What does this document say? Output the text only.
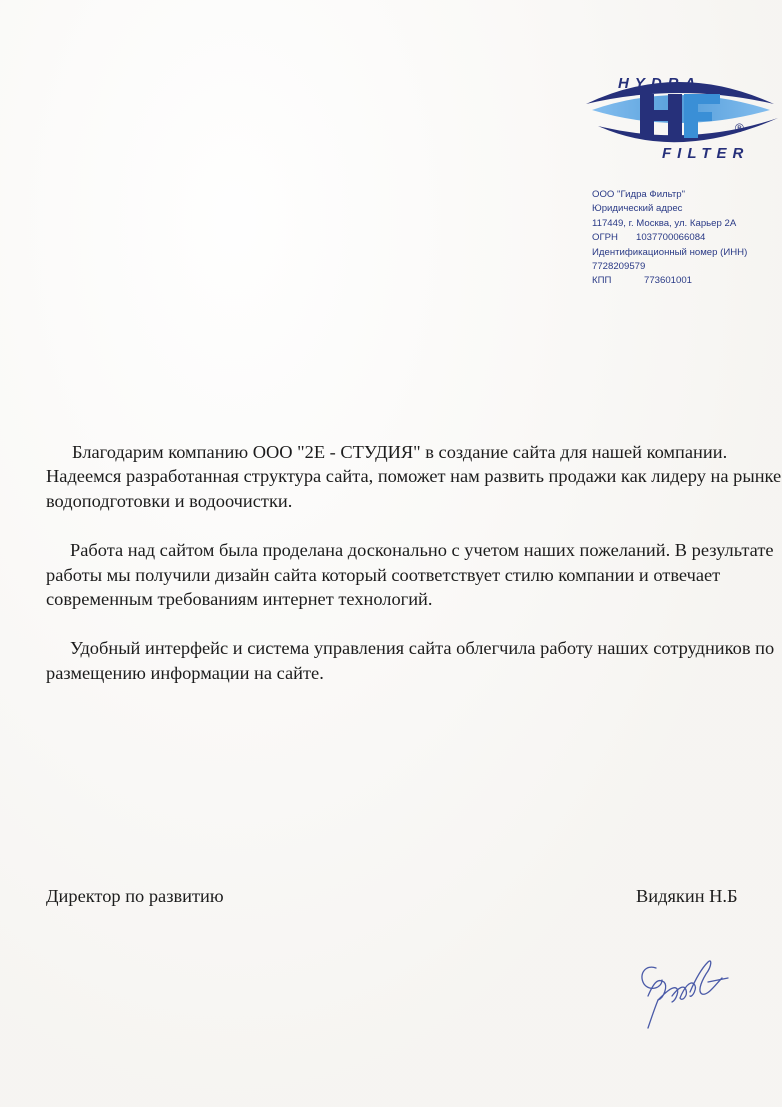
®
HYDRA
FILTER
ООО "Гидра Фильтр"
Юридический адрес
117449, г. Москва, ул. Карьер 2А
ОГРН 1037700066084
Идентификационный номер (ИНН)
7728209579
КПП	773601001

Благодарим компанию ООО "2Е - СТУДИЯ" в создание сайта для нашей компании. Надеемся разработанная структура сайта, поможет нам развить продажи как лидеру на рынке водоподготовки и водоочистки.

Работа над сайтом была проделана досконально с учетом наших пожеланий. В результате работы мы получили дизайн сайта который соответствует стилю компании и отвечает современным требованиям интернет технологий.

Удобный интерфейс и система управления сайта облегчила работу наших сотрудников по размещению информации на сайте.

Директор по развитию	Видякин Н.Б
